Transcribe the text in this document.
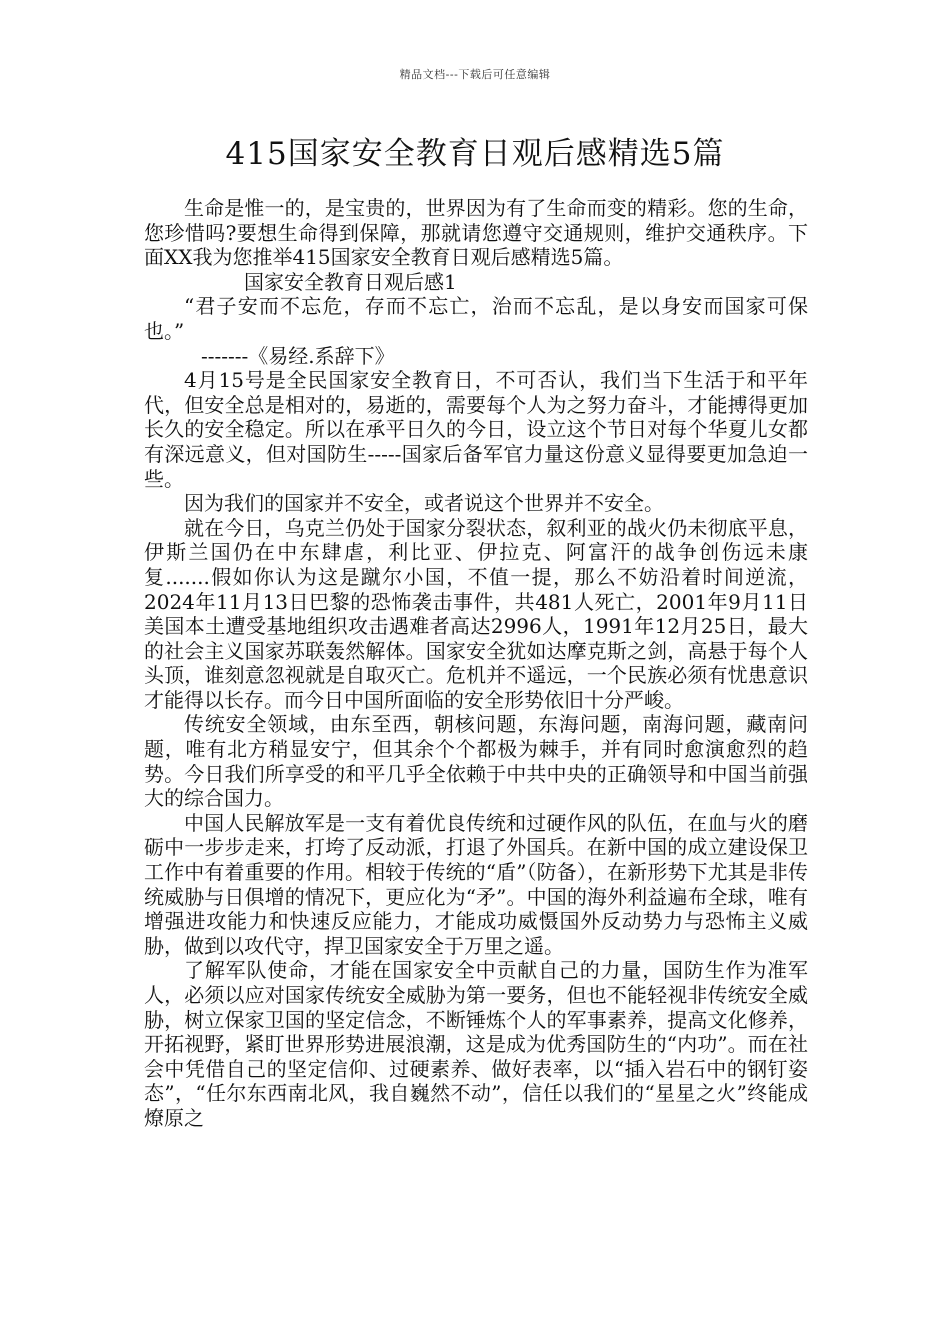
精品文档---下载后可任意编辑
415国家安全教育日观后感精选5篇

生命是惟一的，是宝贵的，世界因为有了生命而变的精彩。您的生命，您珍惜吗?要想生命得到保障，那就请您遵守交通规则，维护交通秩序。下面XX我为您推举415国家安全教育日观后感精选5篇。

国家安全教育日观后感1

“君子安而不忘危，存而不忘亡，治而不忘乱，是以身安而国家可保也。”

-------《易经.系辞下》

4月15号是全民国家安全教育日，不可否认，我们当下生活于和平年代，但安全总是相对的，易逝的，需要每个人为之努力奋斗，才能搏得更加长久的安全稳定。所以在承平日久的今日，设立这个节日对每个华夏儿女都有深远意义，但对国防生-----国家后备军官力量这份意义显得要更加急迫一些。

因为我们的国家并不安全，或者说这个世界并不安全。

就在今日，乌克兰仍处于国家分裂状态，叙利亚的战火仍未彻底平息，伊斯兰国仍在中东肆虐，利比亚、伊拉克、阿富汗的战争创伤远未康复.......假如你认为这是蹴尔小国，不值一提，那么不妨沿着时间逆流，2024年11月13日巴黎的恐怖袭击事件，共481人死亡，2001年9月11日美国本土遭受基地组织攻击遇难者高达2996人，1991年12月25日，最大的社会主义国家苏联轰然解体。国家安全犹如达摩克斯之剑，高悬于每个人头顶，谁刻意忽视就是自取灭亡。危机并不遥远，一个民族必须有忧患意识才能得以长存。而今日中国所面临的安全形势依旧十分严峻。

传统安全领域，由东至西，朝核问题，东海问题，南海问题，藏南问题，唯有北方稍显安宁，但其余个个都极为棘手，并有同时愈演愈烈的趋势。今日我们所享受的和平几乎全依赖于中共中央的正确领导和中国当前强大的综合国力。

中国人民解放军是一支有着优良传统和过硬作风的队伍，在血与火的磨砺中一步步走来，打垮了反动派，打退了外国兵。在新中国的成立建设保卫工作中有着重要的作用。相较于传统的“盾”（防备），在新形势下尤其是非传统威胁与日俱增的情况下，更应化为“矛”。中国的海外利益遍布全球，唯有增强进攻能力和快速反应能力，才能成功威慑国外反动势力与恐怖主义威胁，做到以攻代守，捍卫国家安全于万里之遥。

了解军队使命，才能在国家安全中贡献自己的力量，国防生作为准军人，必须以应对国家传统安全威胁为第一要务，但也不能轻视非传统安全威胁，树立保家卫国的坚定信念，不断锤炼个人的军事素养，提高文化修养，开拓视野，紧盯世界形势进展浪潮，这是成为优秀国防生的“内功”。而在社会中凭借自己的坚定信仰、过硬素养、做好表率，以“插入岩石中的钢钉姿态”，“任尔东西南北风，我自巍然不动”，信任以我们的“星星之火”终能成燎原之
